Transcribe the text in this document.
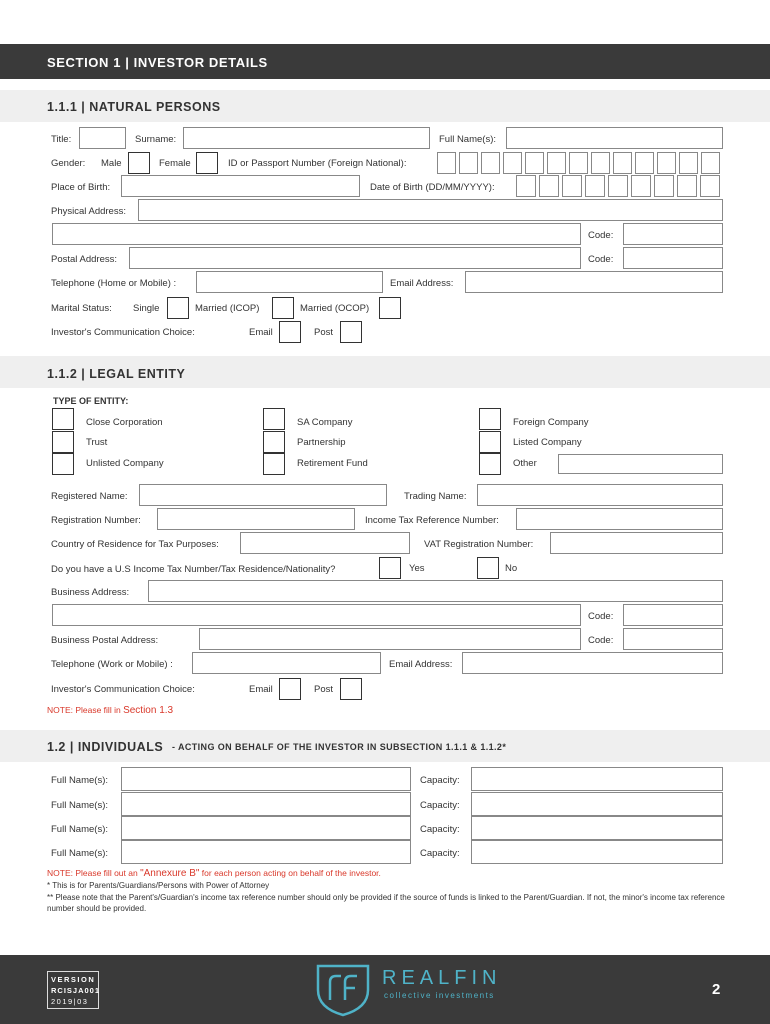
SECTION 1 | INVESTOR DETAILS
1.1.1 | NATURAL PERSONS
Title:	Surname:	Full Name(s):
Gender: Male	Female	ID or Passport Number (Foreign National):
Place of Birth:	Date of Birth (DD/MM/YYYY):
Physical Address:
Code:
Postal Address:	Code:
Telephone (Home or Mobile) :	Email Address:
Marital Status: Single	Married (ICOP)	Married (OCOP)
Investor's Communication Choice:	Email	Post
1.1.2 | LEGAL ENTITY
TYPE OF ENTITY:
Close Corporation	SA Company	Foreign Company
Trust	Partnership	Listed Company
Unlisted Company	Retirement Fund	Other
Registered Name:	Trading Name:
Registration Number:	Income Tax Reference Number:
Country of Residence for Tax Purposes:	VAT Registration Number:
Do you have a U.S Income Tax Number/Tax Residence/Nationality?	Yes	No
Business Address:
Code:
Business Postal Address:	Code:
Telephone (Work or Mobile) :	Email Address:
Investor's Communication Choice:	Email	Post
NOTE: Please fill in Section 1.3
1.2 | INDIVIDUALS - ACTING ON BEHALF OF THE INVESTOR IN SUBSECTION 1.1.1 & 1.1.2*
Full Name(s):	Capacity:
Full Name(s):	Capacity:
Full Name(s):	Capacity:
Full Name(s):	Capacity:
NOTE: Please fill out an "Annexure B" for each person acting on behalf of the investor.
* This is for Parents/Guardians/Persons with Power of Attorney
** Please note that the Parent's/Guardian's income tax reference number should only be provided if the source of funds is linked to the Parent/Guardian. If not, the minor's income tax reference number should be provided.
VERSION
RCISJA001
2019|03
REALFIN
collective investments	2
